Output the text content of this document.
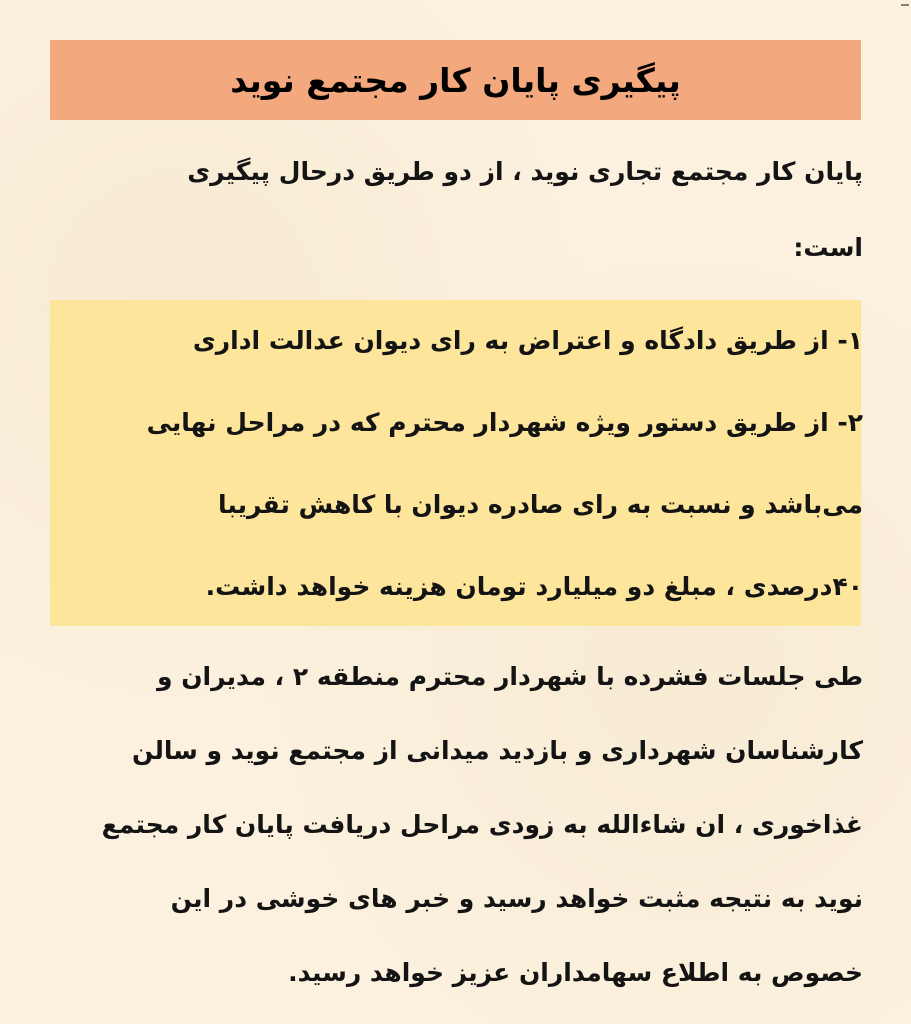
پیگیری پایان کار مجتمع نوید

پایان کار مجتمع تجاری نوید ، از دو طریق درحال پیگیری
است:

۱- از طریق دادگاه و اعتراض به رای دیوان عدالت اداری
۲- از طریق دستور ویژه شهردار محترم که در مراحل نهایی
می‌باشد و نسبت به رای صادره دیوان با کاهش تقریبا
۴۰درصدی ، مبلغ دو میلیارد تومان هزینه خواهد داشت.

طی جلسات فشرده با شهردار محترم منطقه ۲ ، مدیران و
کارشناسان شهرداری و بازدید میدانی از مجتمع نوید و سالن
غذاخوری ، ان شاءالله به زودی مراحل دریافت پایان کار مجتمع
نوید به نتیجه مثبت خواهد رسید و خبر های خوشی در این
خصوص به اطلاع سهامداران عزیز خواهد رسید.
